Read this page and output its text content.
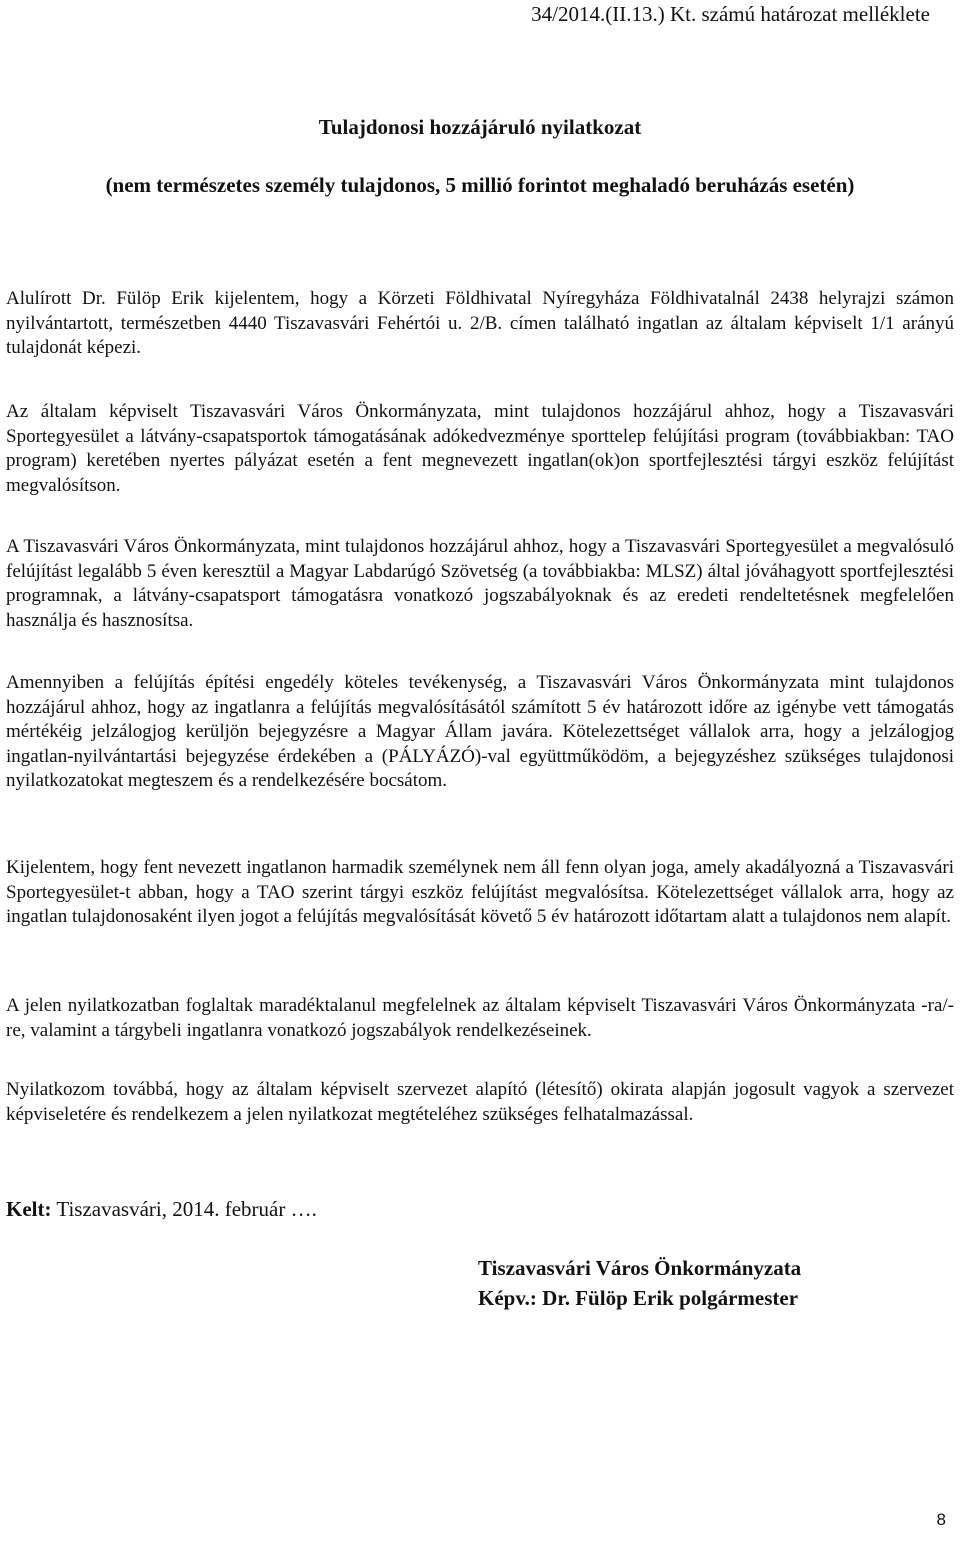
34/2014.(II.13.) Kt. számú határozat melléklete
Tulajdonosi hozzájáruló nyilatkozat
(nem természetes személy tulajdonos, 5 millió forintot meghaladó beruházás esetén)

Alulírott Dr. Fülöp Erik kijelentem, hogy a Körzeti Földhivatal Nyíregyháza Földhivatalnál 2438 helyrajzi számon nyilvántartott, természetben 4440 Tiszavasvári Fehértói u. 2/B. címen található ingatlan az általam képviselt 1/1 arányú tulajdonát képezi.

Az általam képviselt Tiszavasvári Város Önkormányzata, mint tulajdonos hozzájárul ahhoz, hogy a Tiszavasvári Sportegyesület a látvány-csapatsportok támogatásának adókedvezménye sporttelep felújítási program (továbbiakban: TAO program) keretében nyertes pályázat esetén a fent megnevezett ingatlan(ok)on sportfejlesztési tárgyi eszköz felújítást megvalósítson.

A Tiszavasvári Város Önkormányzata, mint tulajdonos hozzájárul ahhoz, hogy a Tiszavasvári Sportegyesület a megvalósuló felújítást legalább 5 éven keresztül a Magyar Labdarúgó Szövetség (a továbbiakba: MLSZ) által jóváhagyott sportfejlesztési programnak, a látvány-csapatsport támogatásra vonatkozó jogszabályoknak és az eredeti rendeltetésnek megfelelően használja és hasznosítsa.

Amennyiben a felújítás építési engedély köteles tevékenység, a Tiszavasvári Város Önkormányzata mint tulajdonos hozzájárul ahhoz, hogy az ingatlanra a felújítás megvalósításától számított 5 év határozott időre az igénybe vett támogatás mértékéig jelzálogjog kerüljön bejegyzésre a Magyar Állam javára. Kötelezettséget vállalok arra, hogy a jelzálogjog ingatlan-nyilvántartási bejegyzése érdekében a (PÁLYÁZÓ)-val együttműködöm, a bejegyzéshez szükséges tulajdonosi nyilatkozatokat megteszem és a rendelkezésére bocsátom.

Kijelentem, hogy fent nevezett ingatlanon harmadik személynek nem áll fenn olyan joga, amely akadályozná a Tiszavasvári Sportegyesület-t abban, hogy a TAO szerint tárgyi eszköz felújítást megvalósítsa. Kötelezettséget vállalok arra, hogy az ingatlan tulajdonosaként ilyen jogot a felújítás megvalósítását követő 5 év határozott időtartam alatt a tulajdonos nem alapít.

A jelen nyilatkozatban foglaltak maradéktalanul megfelelnek az általam képviselt Tiszavasvári Város Önkormányzata -ra/-re, valamint a tárgybeli ingatlanra vonatkozó jogszabályok rendelkezéseinek.

Nyilatkozom továbbá, hogy az általam képviselt szervezet alapító (létesítő) okirata alapján jogosult vagyok a szervezet képviseletére és rendelkezem a jelen nyilatkozat megtételéhez szükséges felhatalmazással.

Kelt: Tiszavasvári, 2014. február ….
Tiszavasvári Város Önkormányzata
Képv.: Dr. Fülöp Erik polgármester
8
